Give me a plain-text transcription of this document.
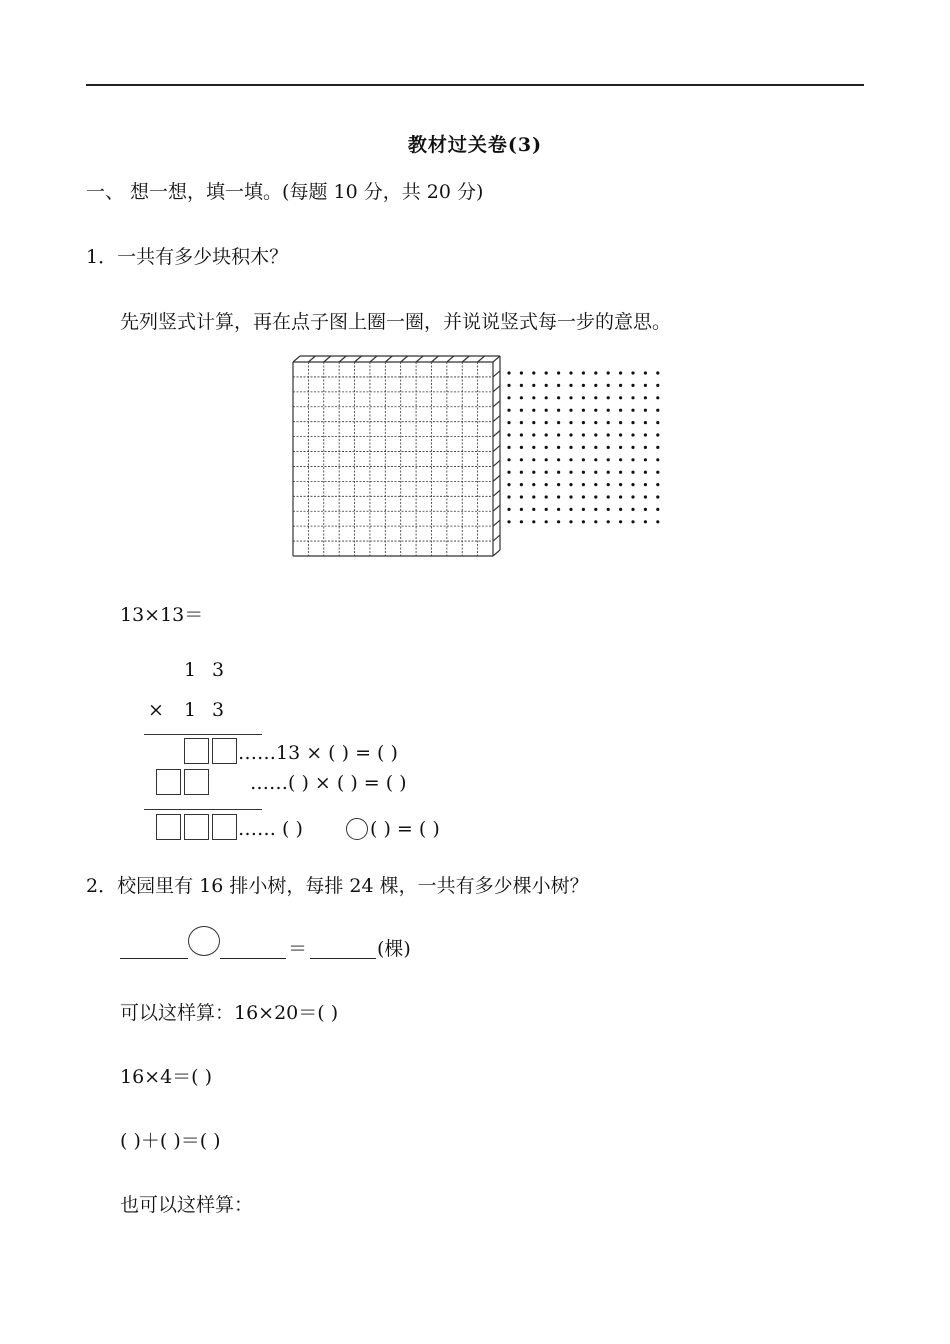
教材过关卷(3)
一、 想一想，填一填。(每题 10 分，共 20 分)
1．一共有多少块积木？
先列竖式计算，再在点子图上圈一圈，并说说竖式每一步的意思。
13×13＝
1 3
× 1 3
……13 × ( ) = ( )
……( ) × ( ) = ( )
…… ( )	( ) = ( )
2．校园里有 16 排小树，每排 24 棵，一共有多少棵小树？
＝	(棵)
可以这样算：16×20＝( )
16×4＝( )
( )＋( )＝( )
也可以这样算：
